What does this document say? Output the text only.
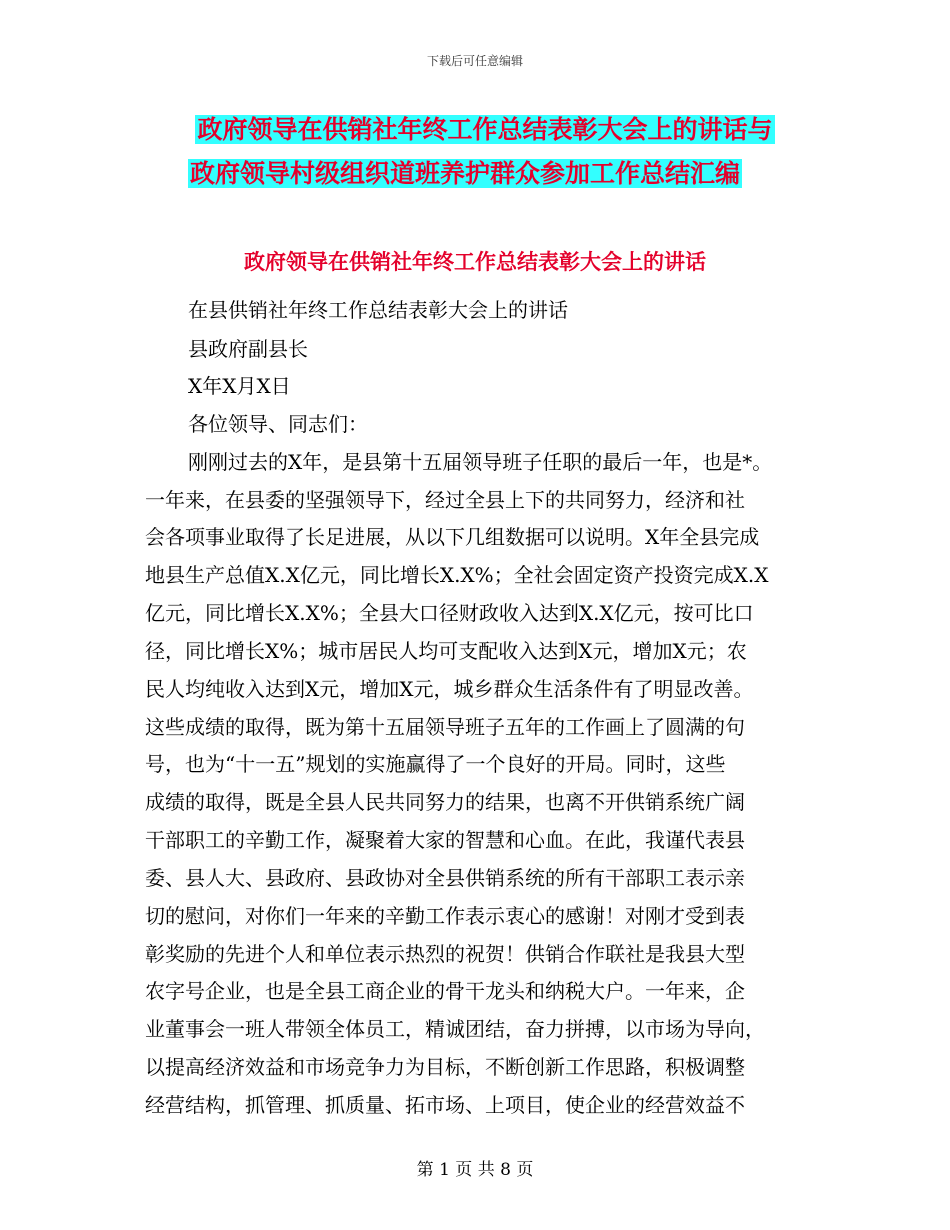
下载后可任意编辑
政府领导在供销社年终工作总结表彰大会上的讲话与
政府领导村级组织道班养护群众参加工作总结汇编
政府领导在供销社年终工作总结表彰大会上的讲话
在县供销社年终工作总结表彰大会上的讲话
县政府副县长
X年X月X日
各位领导、同志们：
刚刚过去的X年，是县第十五届领导班子任职的最后一年，也是*。
一年来，在县委的坚强领导下，经过全县上下的共同努力，经济和社
会各项事业取得了长足进展，从以下几组数据可以说明。X年全县完成
地县生产总值X.X亿元，同比增长X.X%；全社会固定资产投资完成X.X
亿元，同比增长X.X%；全县大口径财政收入达到X.X亿元，按可比口
径，同比增长X%；城市居民人均可支配收入达到X元，增加X元；农
民人均纯收入达到X元，增加X元，城乡群众生活条件有了明显改善。
这些成绩的取得，既为第十五届领导班子五年的工作画上了圆满的句
号，也为“十一五”规划的实施赢得了一个良好的开局。同时，这些
成绩的取得，既是全县人民共同努力的结果，也离不开供销系统广阔
干部职工的辛勤工作，凝聚着大家的智慧和心血。在此，我谨代表县
委、县人大、县政府、县政协对全县供销系统的所有干部职工表示亲
切的慰问，对你们一年来的辛勤工作表示衷心的感谢！对刚才受到表
彰奖励的先进个人和单位表示热烈的祝贺！供销合作联社是我县大型
农字号企业，也是全县工商企业的骨干龙头和纳税大户。一年来，企
业董事会一班人带领全体员工，精诚团结，奋力拼搏，以市场为导向，
以提高经济效益和市场竞争力为目标，不断创新工作思路，积极调整
经营结构，抓管理、抓质量、拓市场、上项目，使企业的经营效益不
第 1 页 共 8 页
